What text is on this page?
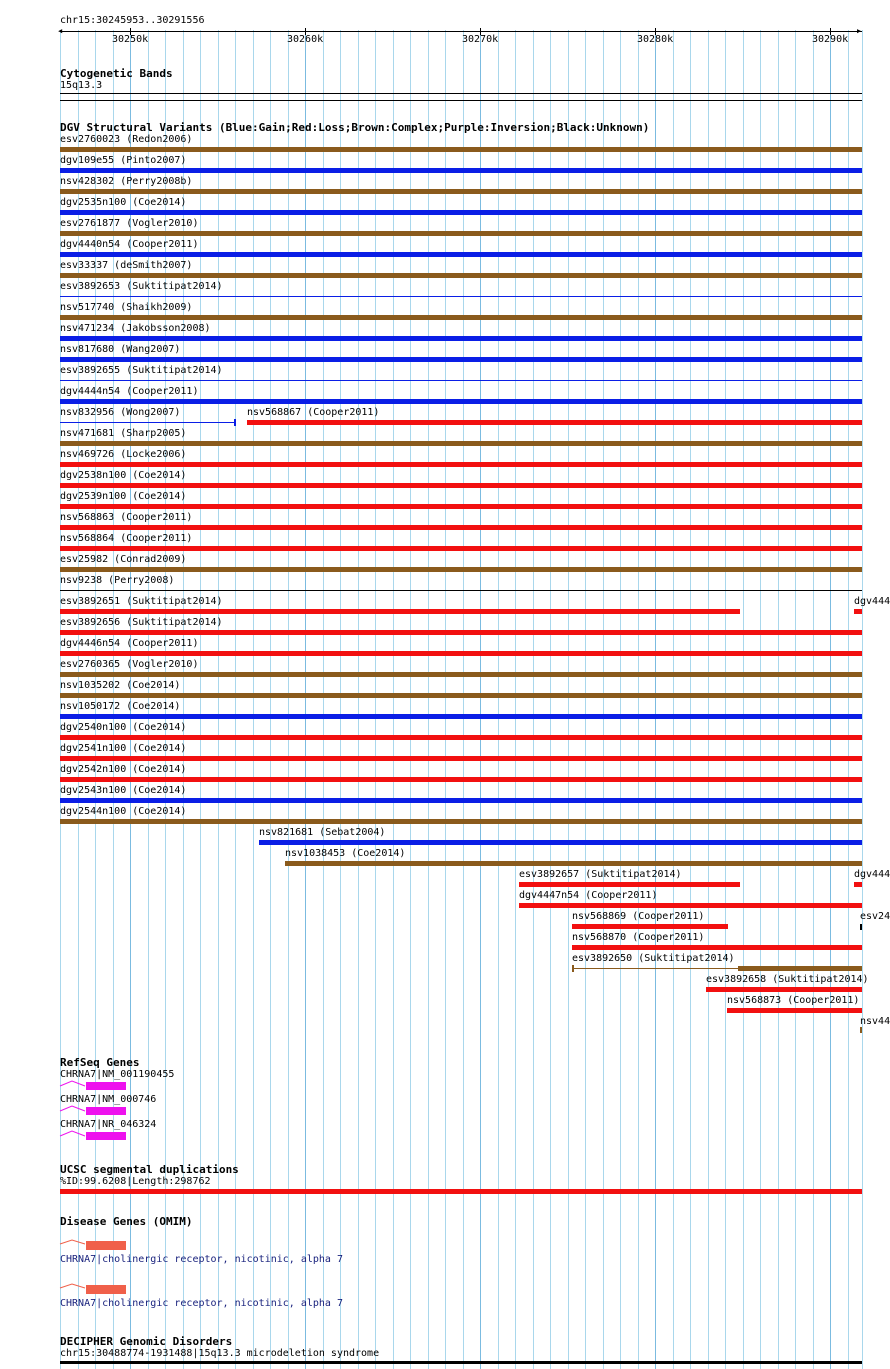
chr15:30245953..30291556
◀	▶
30250k	30260k	30270k	30280k	30290k
Cytogenetic Bands
15q13.3
DGV Structural Variants (Blue:Gain;Red:Loss;Brown:Complex;Purple:Inversion;Black:Unknown)
esv2760023 (Redon2006)
dgv109e55 (Pinto2007)
nsv428302 (Perry2008b)
dgv2535n100 (Coe2014)
esv2761877 (Vogler2010)
dgv4440n54 (Cooper2011)
esv33337 (deSmith2007)
esv3892653 (Suktitipat2014)
nsv517740 (Shaikh2009)
nsv471234 (Jakobsson2008)
nsv817680 (Wang2007)
esv3892655 (Suktitipat2014)
dgv4444n54 (Cooper2011)
nsv832956 (Wong2007)	nsv568867 (Cooper2011)
nsv471681 (Sharp2005)
nsv469726 (Locke2006)
dgv2538n100 (Coe2014)
dgv2539n100 (Coe2014)
nsv568863 (Cooper2011)
nsv568864 (Cooper2011)
esv25982 (Conrad2009)
nsv9238 (Perry2008)
esv3892651 (Suktitipat2014)	dgv444
esv3892656 (Suktitipat2014)
dgv4446n54 (Cooper2011)
esv2760365 (Vogler2010)
nsv1035202 (Coe2014)
nsv1050172 (Coe2014)
dgv2540n100 (Coe2014)
dgv2541n100 (Coe2014)
dgv2542n100 (Coe2014)
dgv2543n100 (Coe2014)
dgv2544n100 (Coe2014)
nsv821681 (Sebat2004)
nsv1038453 (Coe2014)
esv3892657 (Suktitipat2014)	dgv444
dgv4447n54 (Cooper2011)
nsv568869 (Cooper2011)	esv24
nsv568870 (Cooper2011)
esv3892650 (Suktitipat2014)
esv3892658 (Suktitipat2014)
nsv568873 (Cooper2011)
nsv44
RefSeq Genes
CHRNA7|NM_001190455
CHRNA7|NM_000746
CHRNA7|NR_046324
UCSC segmental duplications
%ID:99.6208|Length:298762
Disease Genes (OMIM)
CHRNA7|cholinergic receptor, nicotinic, alpha 7
CHRNA7|cholinergic receptor, nicotinic, alpha 7
DECIPHER Genomic Disorders
chr15:30488774-1931488|15q13.3 microdeletion syndrome
